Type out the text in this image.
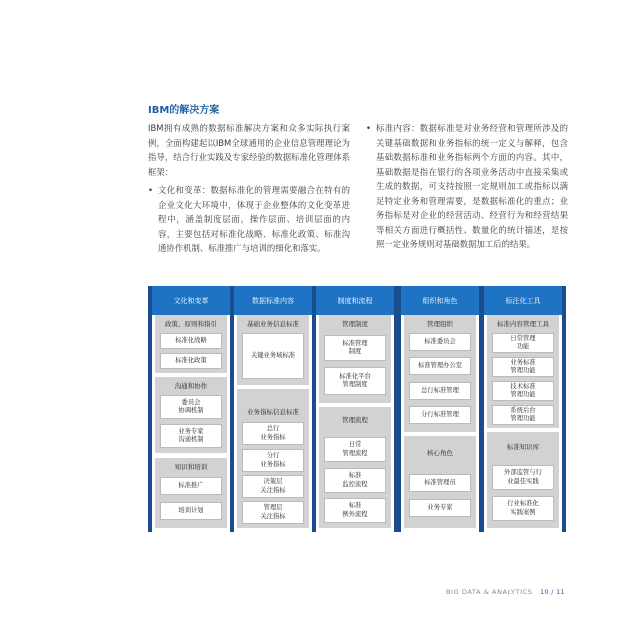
IBM的解决方案

IBM拥有成熟的数据标准解决方案和众多实际执行案例，全面构建起以IBM全球通用的企业信息管理理论为指导，结合行业实践及专家经验的数据标准化管理体系框架：

• 文化和变革：数据标准化的管理需要融合在特有的企业文化大环境中，体现于企业整体的文化变革进程中，涵盖制度层面，操作层面、培训层面的内容，主要包括对标准化战略、标准化政策、标准沟通协作机制、标准推广与培训的细化和落实。

• 标准内容：数据标准是对业务经营和管理所涉及的关键基础数据和业务指标的统一定义与解释，包含基础数据标准和业务指标两个方面的内容。其中，基础数据是指在银行的各项业务活动中直接采集或生成的数据，可支持按照一定规则加工或指标以满足特定业务和管理需要，是数据标准化的重点；业务指标是对企业的经营活动、经营行为和经营结果等相关方面进行概括性、数量化的统计描述，是按照一定业务规则对基础数据加工后的结果。

文化和变革
政策、原则和指引
标准化战略
标准化政策
沟通和协作
委员会
协调机制
业务专家
沟通机制
知识和培训
标准推广
培训计划
数据标准内容
基础业务信息标准
关键业务域标准
业务指标信息标准
总行
业务指标
分行
业务指标
决策层
关注指标
管理层
关注指标
制度和流程
管理制度
标准管理
制度
标准化平台
管理制度
管理流程
日常
管理流程
标准
监控流程
标准
例外流程
组织和角色
管理组织
标准委员会
标准管理办公室
总行标准管理
分行标准管理
核心角色
标准管理员
业务专家
标注化工具
标准内容管理工具
日常管理
功能
业务标准
管理功能
技术标准
管理功能
系统后台
管理功能
标准知识库
外部监管与行
业最佳实践
行业标准化
实践案例
BIG DATA & ANALYTICS 10 / 11
